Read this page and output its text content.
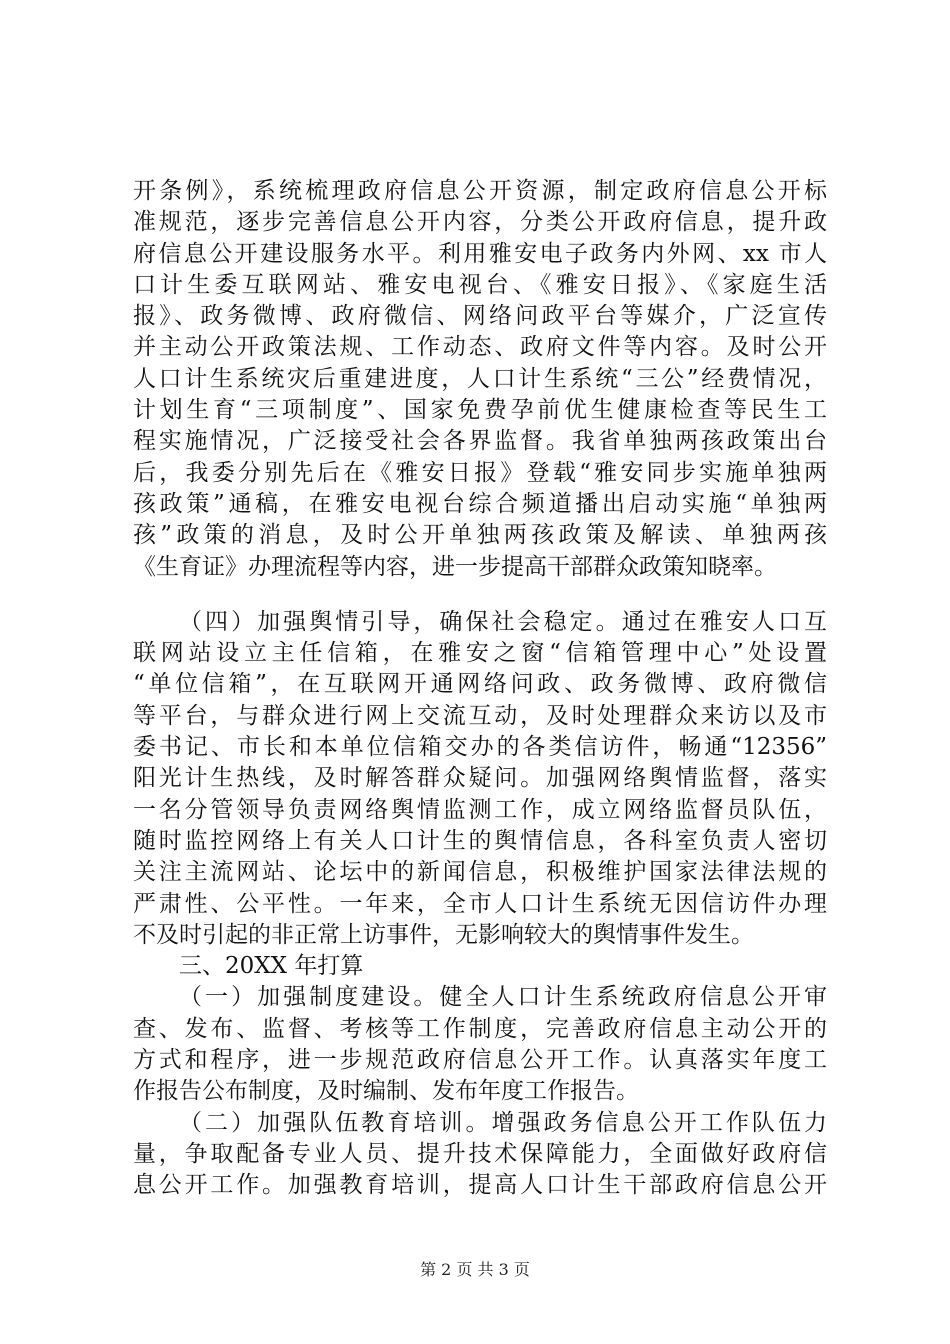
开条例》，系统梳理政府信息公开资源，制定政府信息公开标
准规范，逐步完善信息公开内容，分类公开政府信息，提升政
府信息公开建设服务水平。利用雅安电子政务内外网、xx 市人
口计生委互联网站、雅安电视台、《雅安日报》、《家庭生活
报》、政务微博、政府微信、网络问政平台等媒介，广泛宣传
并主动公开政策法规、工作动态、政府文件等内容。及时公开
人口计生系统灾后重建进度，人口计生系统“三公”经费情况，
计划生育“三项制度”、国家免费孕前优生健康检查等民生工
程实施情况，广泛接受社会各界监督。我省单独两孩政策出台
后，我委分别先后在《雅安日报》登载“雅安同步实施单独两
孩政策”通稿，在雅安电视台综合频道播出启动实施“单独两
孩”政策的消息，及时公开单独两孩政策及解读、单独两孩
《生育证》办理流程等内容，进一步提高干部群众政策知晓率。
（四）加强舆情引导，确保社会稳定。通过在雅安人口互
联网站设立主任信箱，在雅安之窗“信箱管理中心”处设置
“单位信箱”，在互联网开通网络问政、政务微博、政府微信
等平台，与群众进行网上交流互动，及时处理群众来访以及市
委书记、市长和本单位信箱交办的各类信访件，畅通“12356”
阳光计生热线，及时解答群众疑问。加强网络舆情监督，落实
一名分管领导负责网络舆情监测工作，成立网络监督员队伍，
随时监控网络上有关人口计生的舆情信息，各科室负责人密切
关注主流网站、论坛中的新闻信息，积极维护国家法律法规的
严肃性、公平性。一年来，全市人口计生系统无因信访件办理
不及时引起的非正常上访事件，无影响较大的舆情事件发生。
三、20XX 年打算
（一）加强制度建设。健全人口计生系统政府信息公开审
查、发布、监督、考核等工作制度，完善政府信息主动公开的
方式和程序，进一步规范政府信息公开工作。认真落实年度工
作报告公布制度，及时编制、发布年度工作报告。
（二）加强队伍教育培训。增强政务信息公开工作队伍力
量，争取配备专业人员、提升技术保障能力，全面做好政府信
息公开工作。加强教育培训，提高人口计生干部政府信息公开
第 2 页 共 3 页
